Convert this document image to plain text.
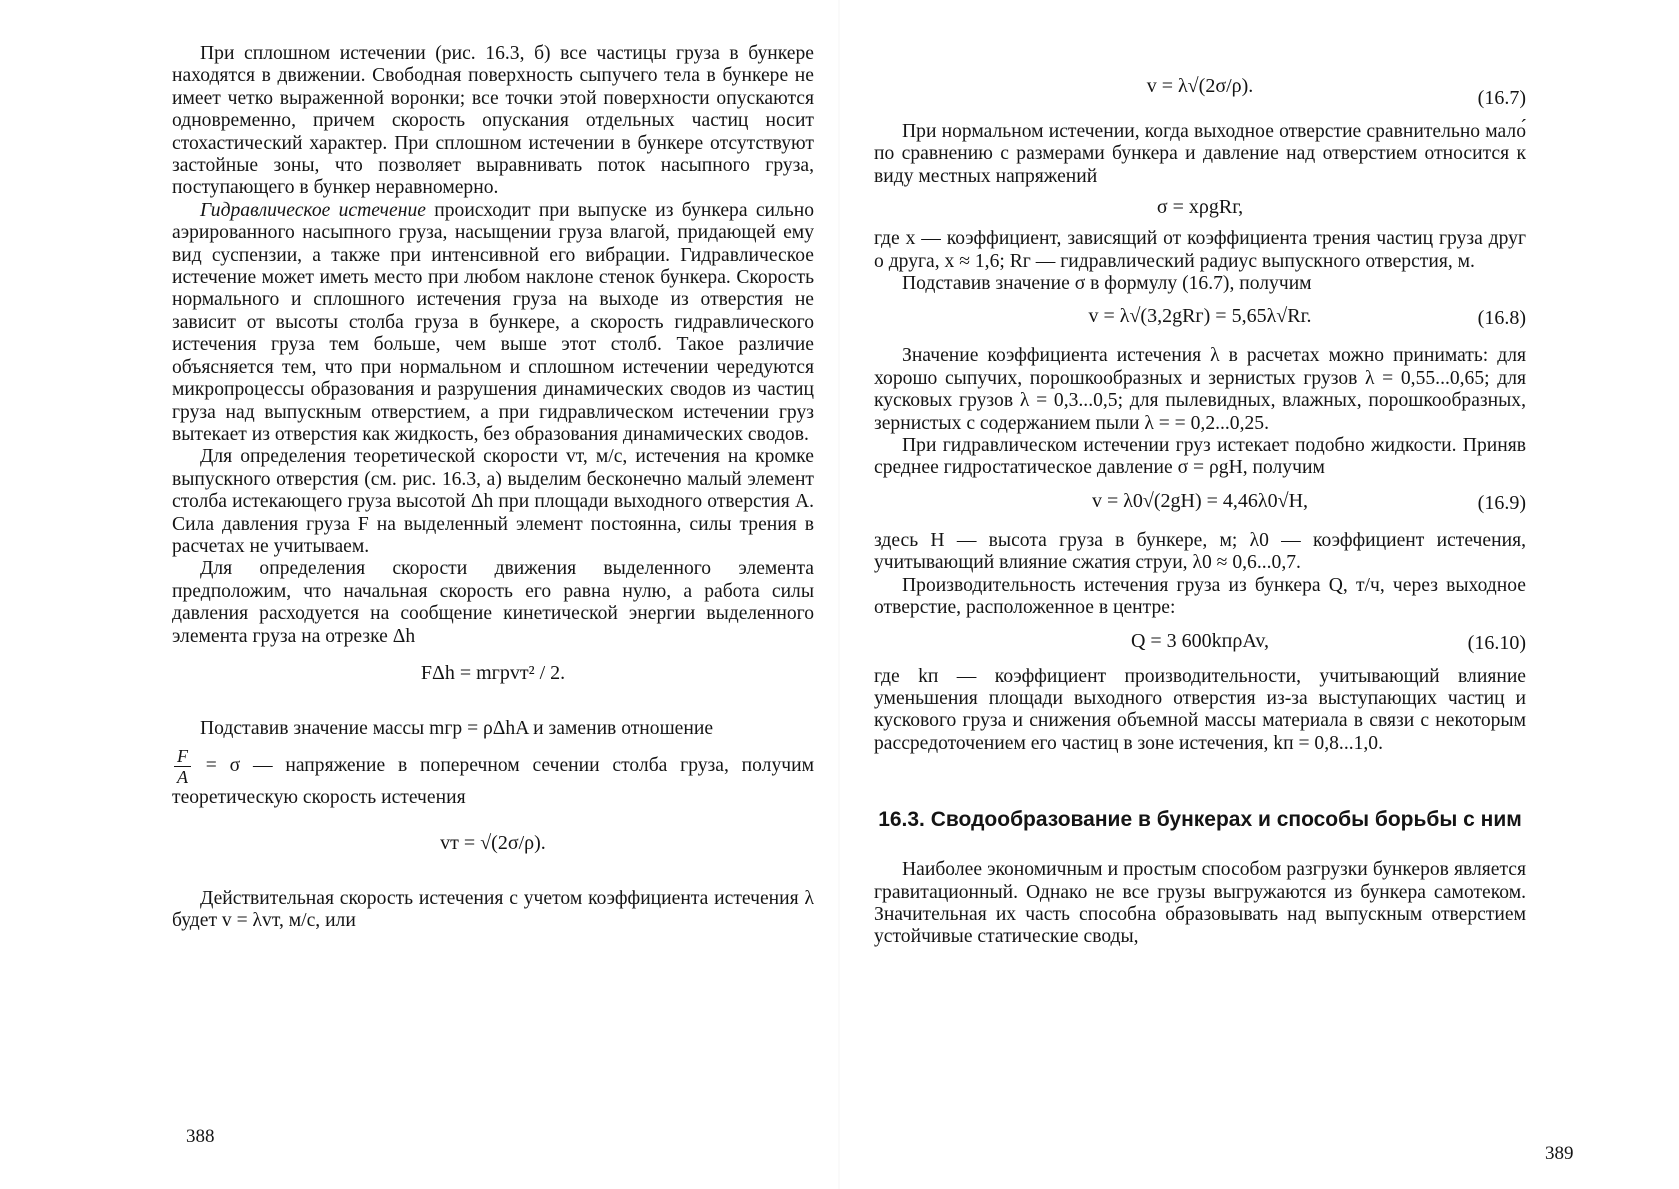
При сплошном истечении (рис. 16.3, б) все частицы груза в бункере находятся в движении. Свободная поверхность сыпучего тела в бункере не имеет четко выраженной воронки; все точки этой поверхности опускаются одновременно, причем скорость опускания отдельных частиц носит стохастический характер. При сплошном истечении в бункере отсутствуют застойные зоны, что позволяет выравнивать поток насыпного груза, поступающего в бункер неравномерно.

Гидравлическое истечение происходит при выпуске из бункера сильно аэрированного насыпного груза, насыщении груза влагой, придающей ему вид суспензии, а также при интенсивной его вибрации. Гидравлическое истечение может иметь место при любом наклоне стенок бункера. Скорость нормального и сплошного истечения груза на выходе из отверстия не зависит от высоты столба груза в бункере, а скорость гидравлического истечения груза тем больше, чем выше этот столб. Такое различие объясняется тем, что при нормальном и сплошном истечении чередуются микропроцессы образования и разрушения динамических сводов из частиц груза над выпускным отверстием, а при гидравлическом истечении груз вытекает из отверстия как жидкость, без образования динамических сводов.

Для определения теоретической скорости vт, м/с, истечения на кромке выпускного отверстия (см. рис. 16.3, а) выделим бесконечно малый элемент столба истекающего груза высотой Δh при площади выходного отверстия A. Сила давления груза F на выделенный элемент постоянна, силы трения в расчетах не учитываем.

Для определения скорости движения выделенного элемента предположим, что начальная скорость его равна нулю, а работа силы давления расходуется на сообщение кинетической энергии выделенного элемента груза на отрезке Δh

FΔh = mгрvт² / 2.

Подставив значение массы mгр = ρΔhA и заменив отношение

$\frac{F}{A} = \sigma$ — напряжение в поперечном сечении столба груза, получим теоретическую скорость истечения

vт = √(2σ/ρ).

Действительная скорость истечения с учетом коэффициента истечения λ будет v = λvт, м/с, или

388
v = λ√(2σ/ρ).
(16.7)

При нормальном истечении, когда выходное отверстие сравнительно мало́ по сравнению с размерами бункера и давление над отверстием относится к виду местных напряжений

σ = xρgRг,

где x — коэффициент, зависящий от коэффициента трения частиц груза друг о друга, x ≈ 1,6; Rг — гидравлический радиус выпускного отверстия, м.

Подставив значение σ в формулу (16.7), получим

v = λ√(3,2gRг) = 5,65λ√Rг.	(16.8)

Значение коэффициента истечения λ в расчетах можно принимать: для хорошо сыпучих, порошкообразных и зернистых грузов λ = 0,55...0,65; для кусковых грузов λ = 0,3...0,5; для пылевидных, влажных, порошкообразных, зернистых с содержанием пыли λ = = 0,2...0,25.

При гидравлическом истечении груз истекает подобно жидкости. Приняв среднее гидростатическое давление σ = ρgH, получим

v = λ0√(2gH) = 4,46λ0√H,	(16.9)

здесь H — высота груза в бункере, м; λ0 — коэффициент истечения, учитывающий влияние сжатия струи, λ0 ≈ 0,6...0,7.

Производительность истечения груза из бункера Q, т/ч, через выходное отверстие, расположенное в центре:

Q = 3 600kпρAv,	(16.10)

где kп — коэффициент производительности, учитывающий влияние уменьшения площади выходного отверстия из-за выступающих частиц и кускового груза и снижения объемной массы материала в связи с некоторым рассредоточением его частиц в зоне истечения, kп = 0,8...1,0.

16.3. Сводообразование в бункерах и способы борьбы с ним

Наиболее экономичным и простым способом разгрузки бункеров является гравитационный. Однако не все грузы выгружаются из бункера самотеком. Значительная их часть способна образовывать над выпускным отверстием устойчивые статические своды,

389
